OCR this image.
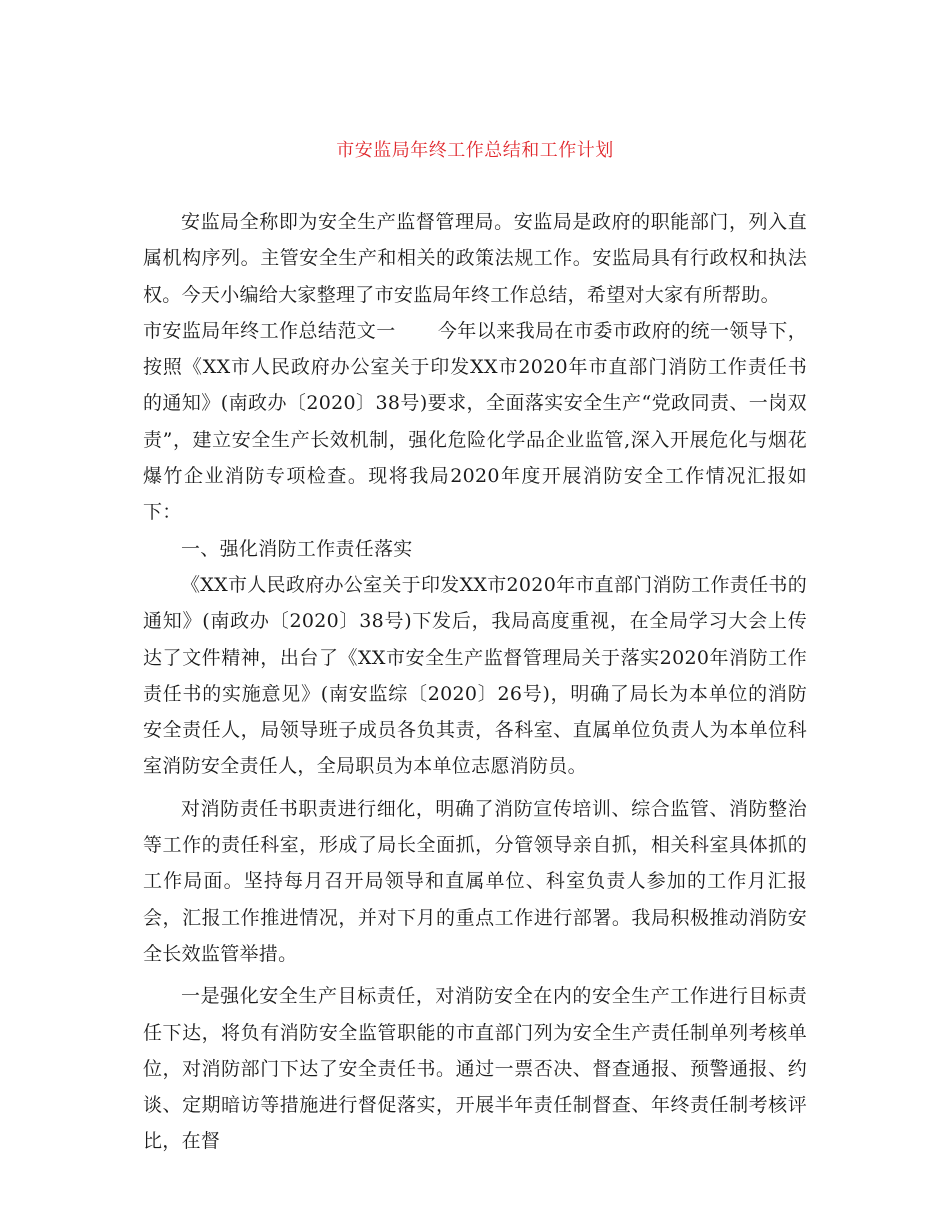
市安监局年终工作总结和工作计划

安监局全称即为安全生产监督管理局。安监局是政府的职能部门，列入直属机构序列。主管安全生产和相关的政策法规工作。安监局具有行政权和执法权。今天小编给大家整理了市安监局年终工作总结，希望对大家有所帮助。

市安监局年终工作总结范文一 今年以来我局在市委市政府的统一领导下，按照《XX市人民政府办公室关于印发XX市2020年市直部门消防工作责任书的通知》(南政办〔2020〕38号)要求，全面落实安全生产“党政同责、一岗双责”，建立安全生产长效机制，强化危险化学品企业监管,深入开展危化与烟花爆竹企业消防专项检查。现将我局2020年度开展消防安全工作情况汇报如下：

一、强化消防工作责任落实

《XX市人民政府办公室关于印发XX市2020年市直部门消防工作责任书的通知》(南政办〔2020〕38号)下发后，我局高度重视，在全局学习大会上传达了文件精神，出台了《XX市安全生产监督管理局关于落实2020年消防工作责任书的实施意见》(南安监综〔2020〕26号)，明确了局长为本单位的消防安全责任人，局领导班子成员各负其责，各科室、直属单位负责人为本单位科室消防安全责任人，全局职员为本单位志愿消防员。

对消防责任书职责进行细化，明确了消防宣传培训、综合监管、消防整治等工作的责任科室，形成了局长全面抓，分管领导亲自抓，相关科室具体抓的工作局面。坚持每月召开局领导和直属单位、科室负责人参加的工作月汇报会，汇报工作推进情况，并对下月的重点工作进行部署。我局积极推动消防安全长效监管举措。

一是强化安全生产目标责任，对消防安全在内的安全生产工作进行目标责任下达，将负有消防安全监管职能的市直部门列为安全生产责任制单列考核单位，对消防部门下达了安全责任书。通过一票否决、督查通报、预警通报、约谈、定期暗访等措施进行督促落实，开展半年责任制督查、年终责任制考核评比，在督
